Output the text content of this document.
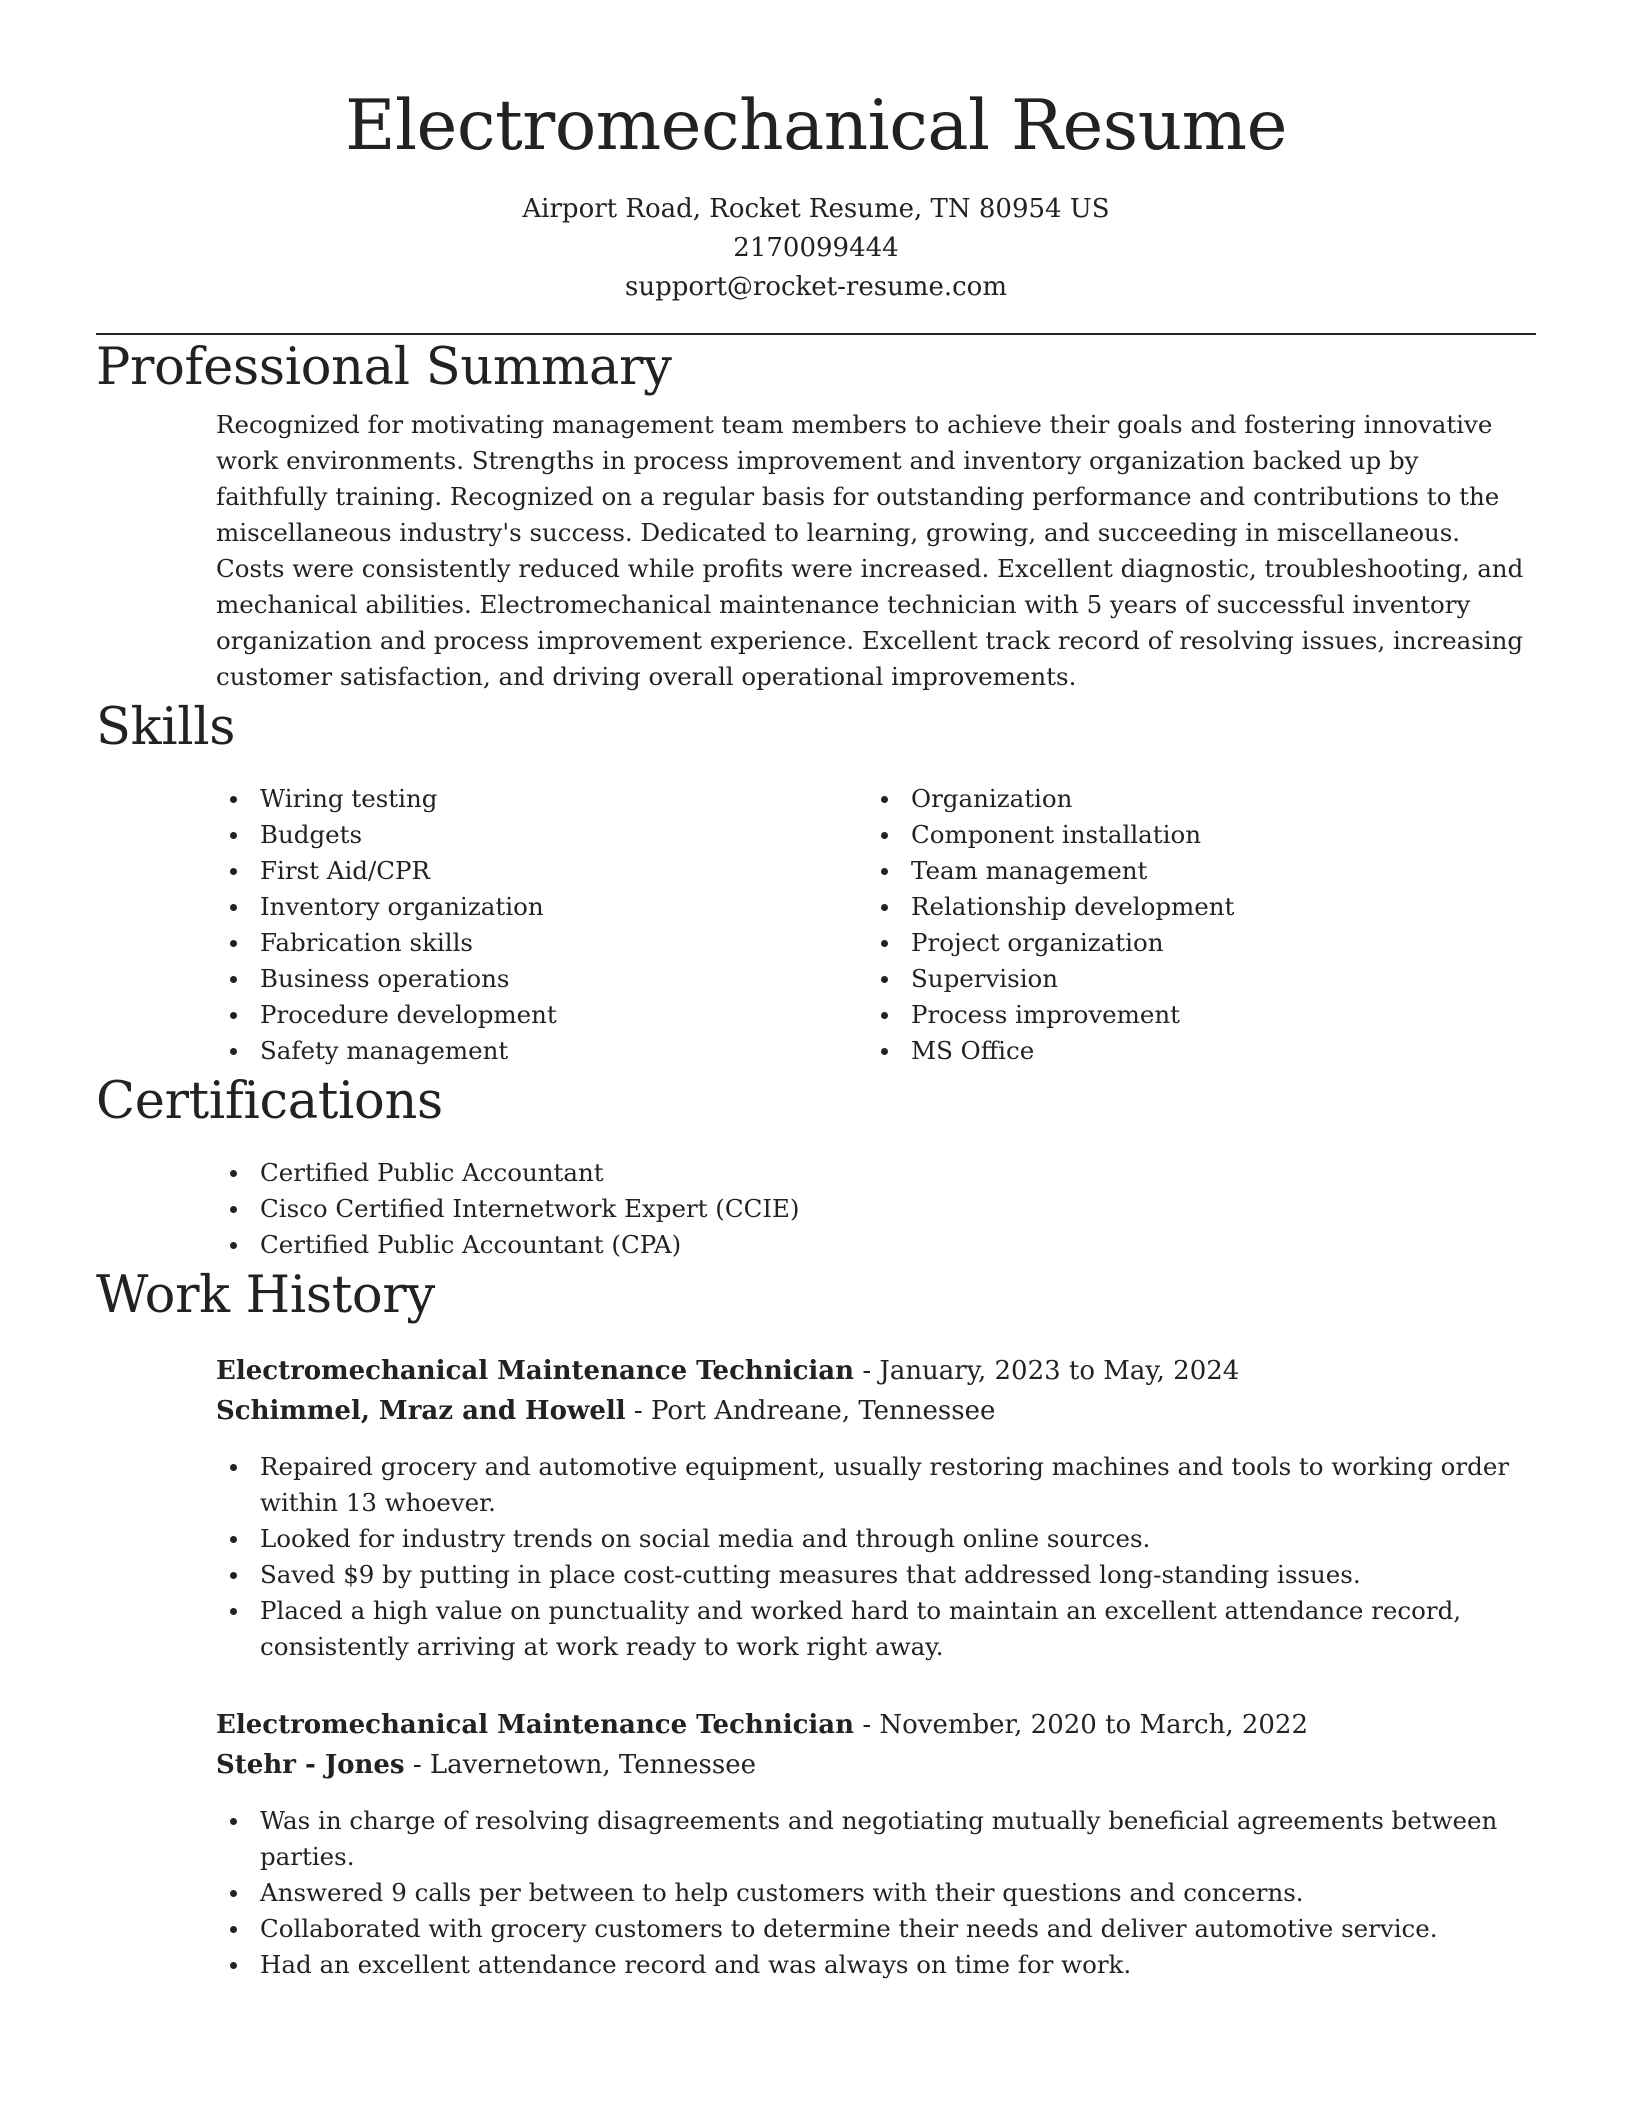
Electromechanical Resume
Airport Road, Rocket Resume, TN 80954 US
2170099444
support@rocket-resume.com
Professional Summary
Recognized for motivating management team members to achieve their goals and fostering innovative work environments. Strengths in process improvement and inventory organization backed up by faithfully training. Recognized on a regular basis for outstanding performance and contributions to the miscellaneous industry's success. Dedicated to learning, growing, and succeeding in miscellaneous. Costs were consistently reduced while profits were increased. Excellent diagnostic, troubleshooting, and mechanical abilities. Electromechanical maintenance technician with 5 years of successful inventory organization and process improvement experience. Excellent track record of resolving issues, increasing customer satisfaction, and driving overall operational improvements.
Skills
Wiring testing
Budgets
First Aid/CPR
Inventory organization
Fabrication skills
Business operations
Procedure development
Safety management
Organization
Component installation
Team management
Relationship development
Project organization
Supervision
Process improvement
MS Office
Certifications
Certified Public Accountant
Cisco Certified Internetwork Expert (CCIE)
Certified Public Accountant (CPA)
Work History
Electromechanical Maintenance Technician - January, 2023 to May, 2024
Schimmel, Mraz and Howell - Port Andreane, Tennessee
Repaired grocery and automotive equipment, usually restoring machines and tools to working order within 13 whoever.
Looked for industry trends on social media and through online sources.
Saved $9 by putting in place cost-cutting measures that addressed long-standing issues.
Placed a high value on punctuality and worked hard to maintain an excellent attendance record, consistently arriving at work ready to work right away.
Electromechanical Maintenance Technician - November, 2020 to March, 2022
Stehr - Jones - Lavernetown, Tennessee
Was in charge of resolving disagreements and negotiating mutually beneficial agreements between parties.
Answered 9 calls per between to help customers with their questions and concerns.
Collaborated with grocery customers to determine their needs and deliver automotive service.
Had an excellent attendance record and was always on time for work.
